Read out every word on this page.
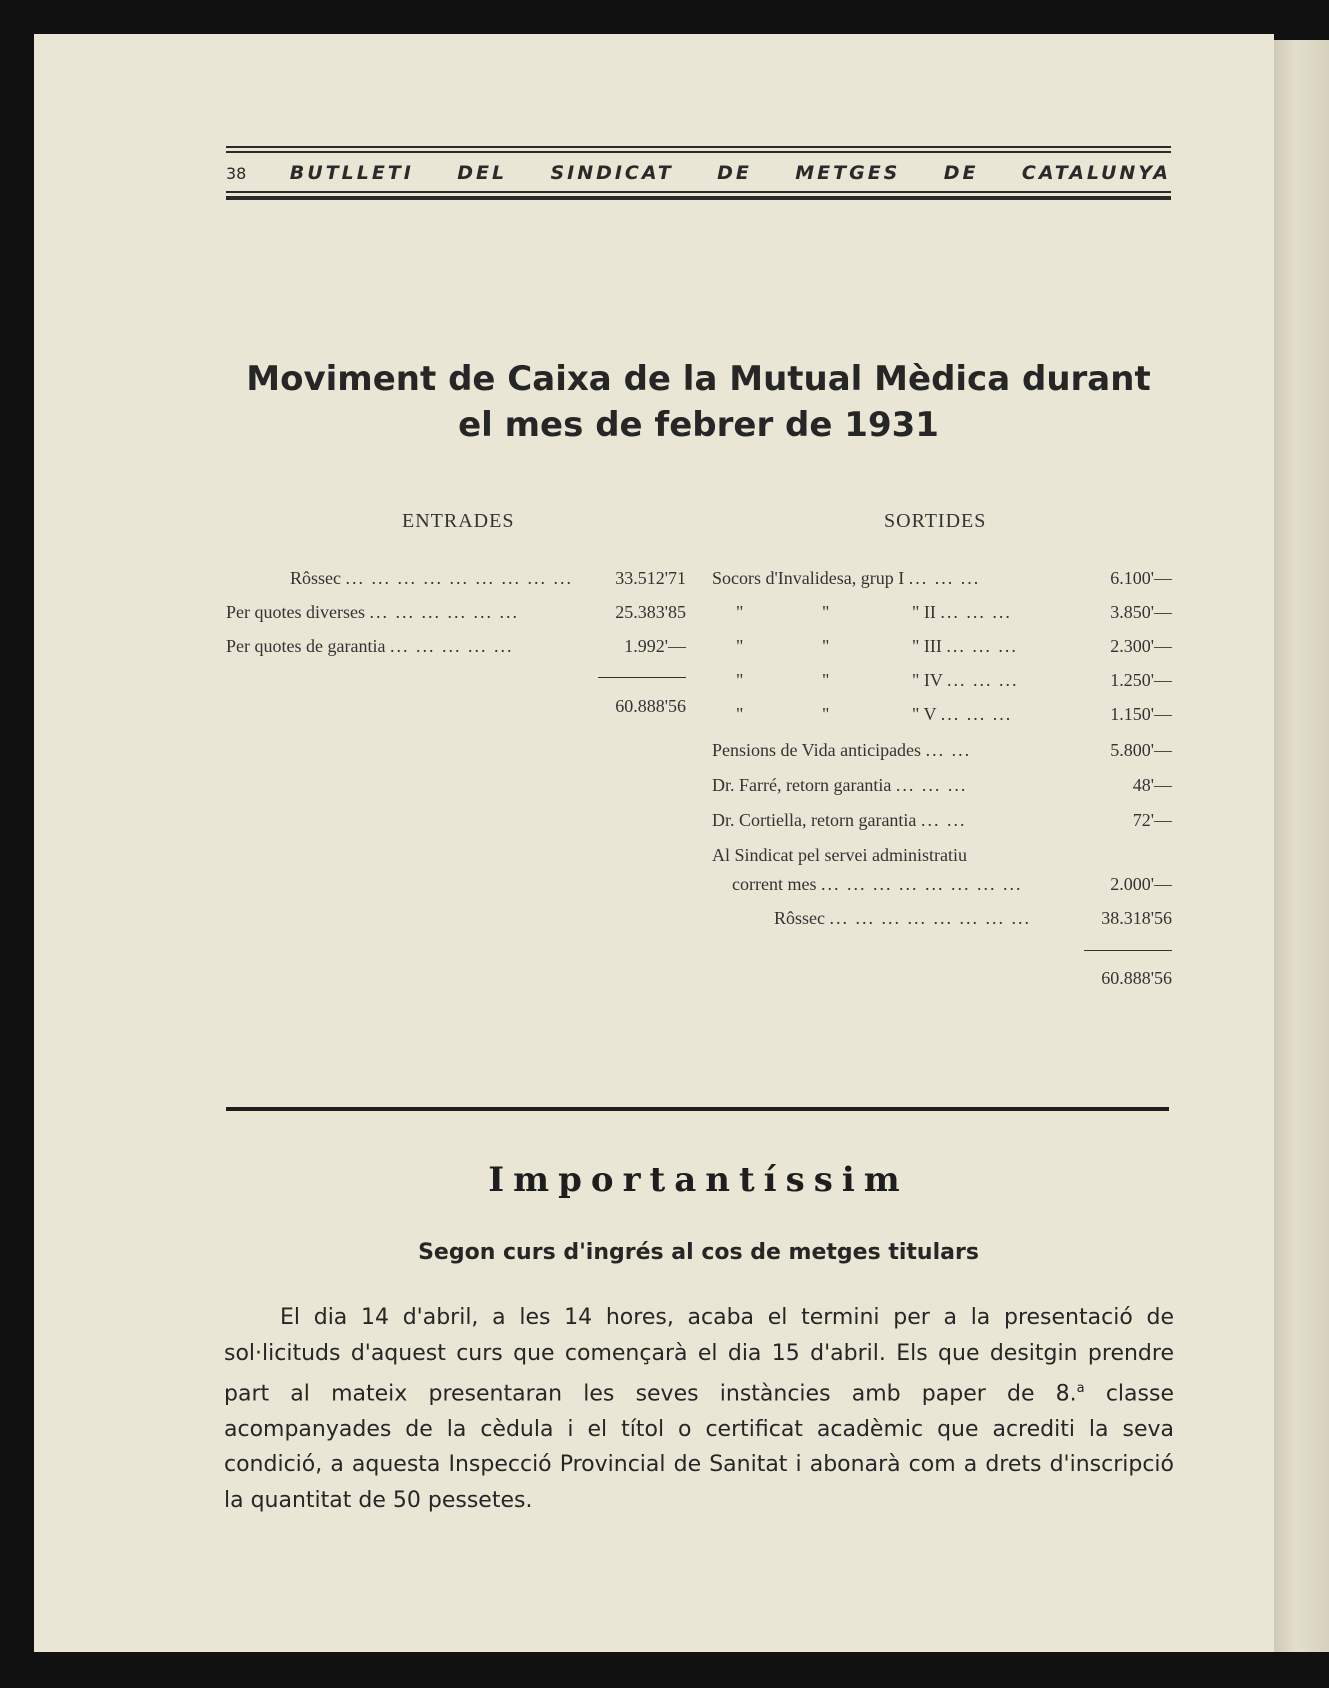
38 BUTLLETI DEL SINDICAT DE METGES DE CATALUNYA
Moviment de Caixa de la Mutual Mèdica durant
el mes de febrer de 1931
ENTRADES	SORTIDES
Rôssec ... ... ... ... ... ... ... ... ... 33.512'71
Per quotes diverses ... ... ... ... ... ...	25.383'85
Per quotes de garantia ... ... ... ... ...	1.992'—
60.888'56
Socors d'Invalidesa, grup I ... ... ...	6.100'—
"	"	" II ... ... ...	3.850'—
"	"	" III ... ... ...	2.300'—
"	"	" IV ... ... ...	1.250'—
"	"	" V ... ... ...	1.150'—
Pensions de Vida anticipades ... ...	5.800'—
Dr. Farré, retorn garantia ... ... ...	48'—
Dr. Cortiella, retorn garantia ... ...	72'—
Al Sindicat pel servei administratiu
corrent mes ... ... ... ... ... ... ... ...	2.000'—
Rôssec ... ... ... ... ... ... ... ...	38.318'56
60.888'56
Importantíssim
Segon curs d'ingrés al cos de metges titulars
El dia 14 d'abril, a les 14 hores, acaba el termini per a la presentació de sol·licituds d'aquest curs que començarà el dia 15 d'abril. Els que desitgin prendre part al mateix presentaran les seves instàncies amb paper de 8.$^a$ classe acompanyades de la cèdula i el títol o certificat acadèmic que acrediti la seva condició, a aquesta Inspecció Provincial de Sanitat i abonarà com a drets d'inscripció la quantitat de 50 pessetes.
